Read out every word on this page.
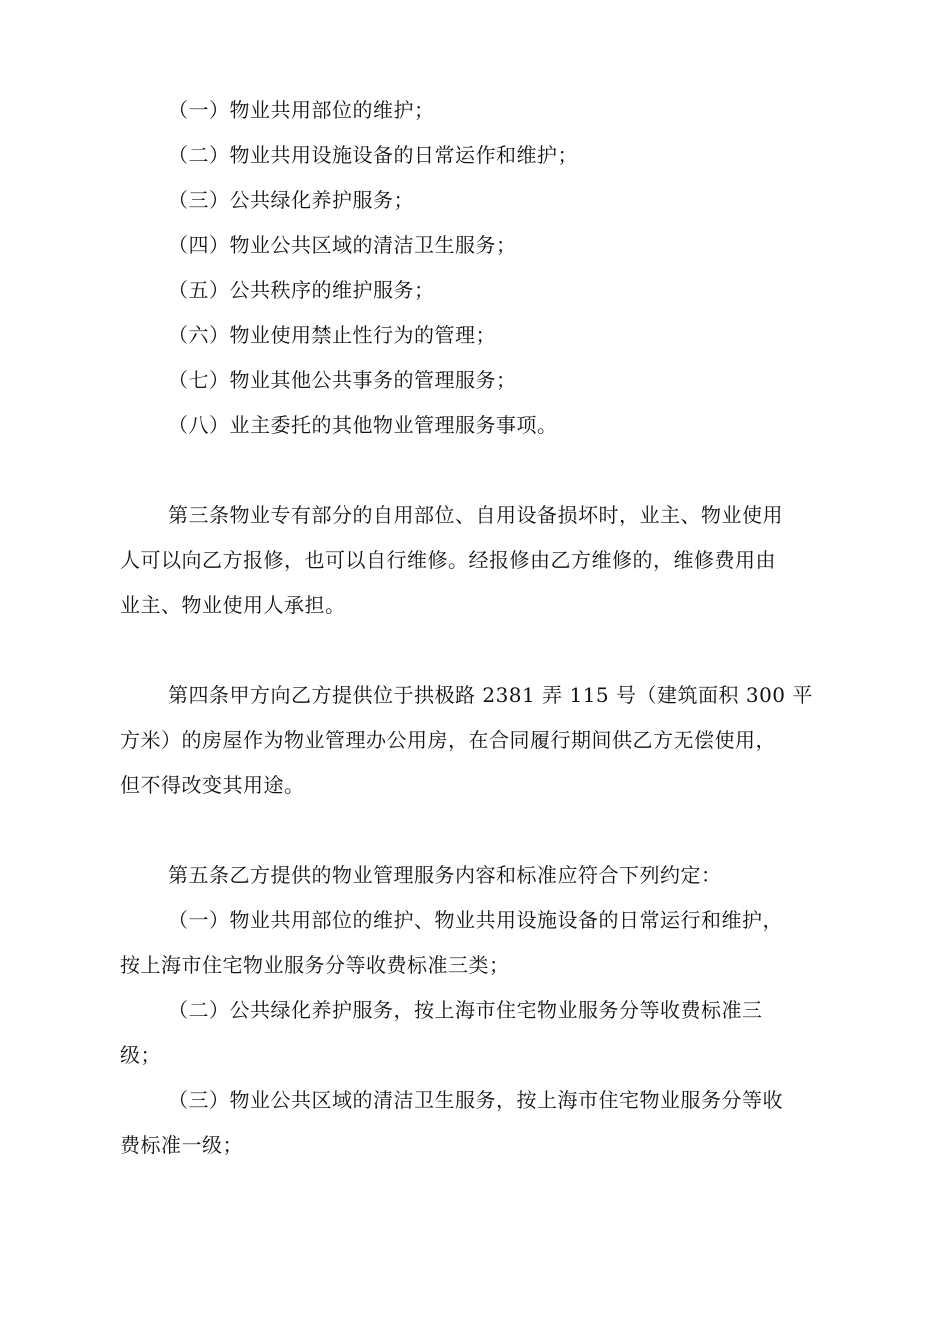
（一）物业共用部位的维护；
（二）物业共用设施设备的日常运作和维护；
（三）公共绿化养护服务；
（四）物业公共区域的清洁卫生服务；
（五）公共秩序的维护服务；
（六）物业使用禁止性行为的管理；
（七）物业其他公共事务的管理服务；
（八）业主委托的其他物业管理服务事项。
第三条物业专有部分的自用部位、自用设备损坏时，业主、物业使用
人可以向乙方报修，也可以自行维修。经报修由乙方维修的，维修费用由
业主、物业使用人承担。
第四条甲方向乙方提供位于拱极路 2381 弄 115 号（建筑面积 300 平
方米）的房屋作为物业管理办公用房，在合同履行期间供乙方无偿使用，
但不得改变其用途。
第五条乙方提供的物业管理服务内容和标准应符合下列约定：
（一）物业共用部位的维护、物业共用设施设备的日常运行和维护，
按上海市住宅物业服务分等收费标准三类；
（二）公共绿化养护服务，按上海市住宅物业服务分等收费标准三
级；
（三）物业公共区域的清洁卫生服务，按上海市住宅物业服务分等收
费标准一级；
